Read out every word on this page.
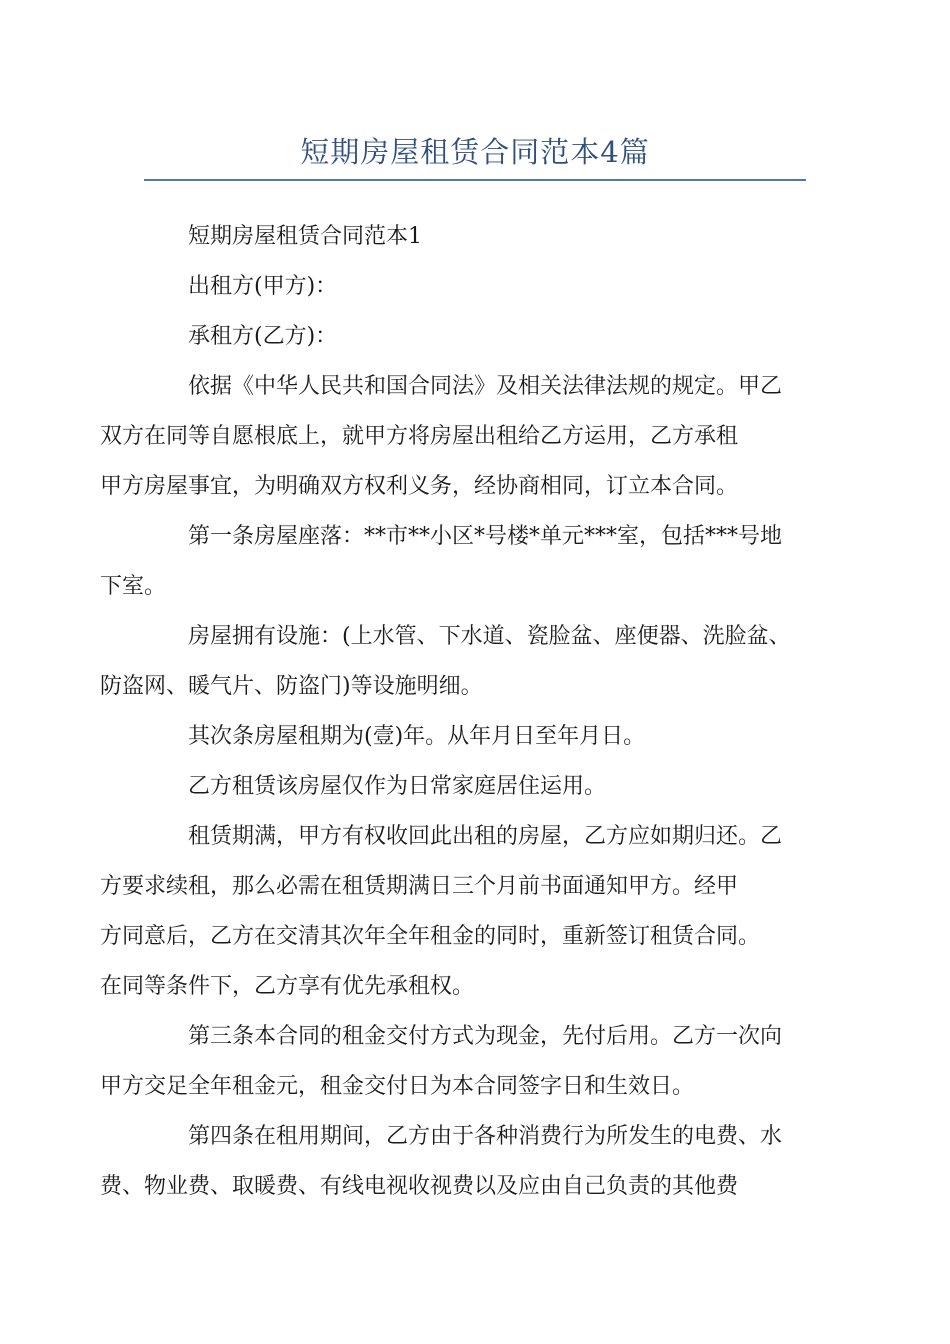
短期房屋租赁合同范本4篇

短期房屋租赁合同范本1

出租方(甲方)：

承租方(乙方)：

依据《中华人民共和国合同法》及相关法律法规的规定。甲乙
双方在同等自愿根底上，就甲方将房屋出租给乙方运用，乙方承租
甲方房屋事宜，为明确双方权利义务，经协商相同，订立本合同。

第一条房屋座落：**市**小区*号楼*单元***室，包括***号地
下室。

房屋拥有设施：(上水管、下水道、瓷脸盆、座便器、洗脸盆、
防盗网、暖气片、防盗门)等设施明细。

其次条房屋租期为(壹)年。从年月日至年月日。

乙方租赁该房屋仅作为日常家庭居住运用。

租赁期满，甲方有权收回此出租的房屋，乙方应如期归还。乙
方要求续租，那么必需在租赁期满日三个月前书面通知甲方。经甲
方同意后，乙方在交清其次年全年租金的同时，重新签订租赁合同。
在同等条件下，乙方享有优先承租权。

第三条本合同的租金交付方式为现金，先付后用。乙方一次向
甲方交足全年租金元，租金交付日为本合同签字日和生效日。

第四条在租用期间，乙方由于各种消费行为所发生的电费、水
费、物业费、取暖费、有线电视收视费以及应由自己负责的其他费
